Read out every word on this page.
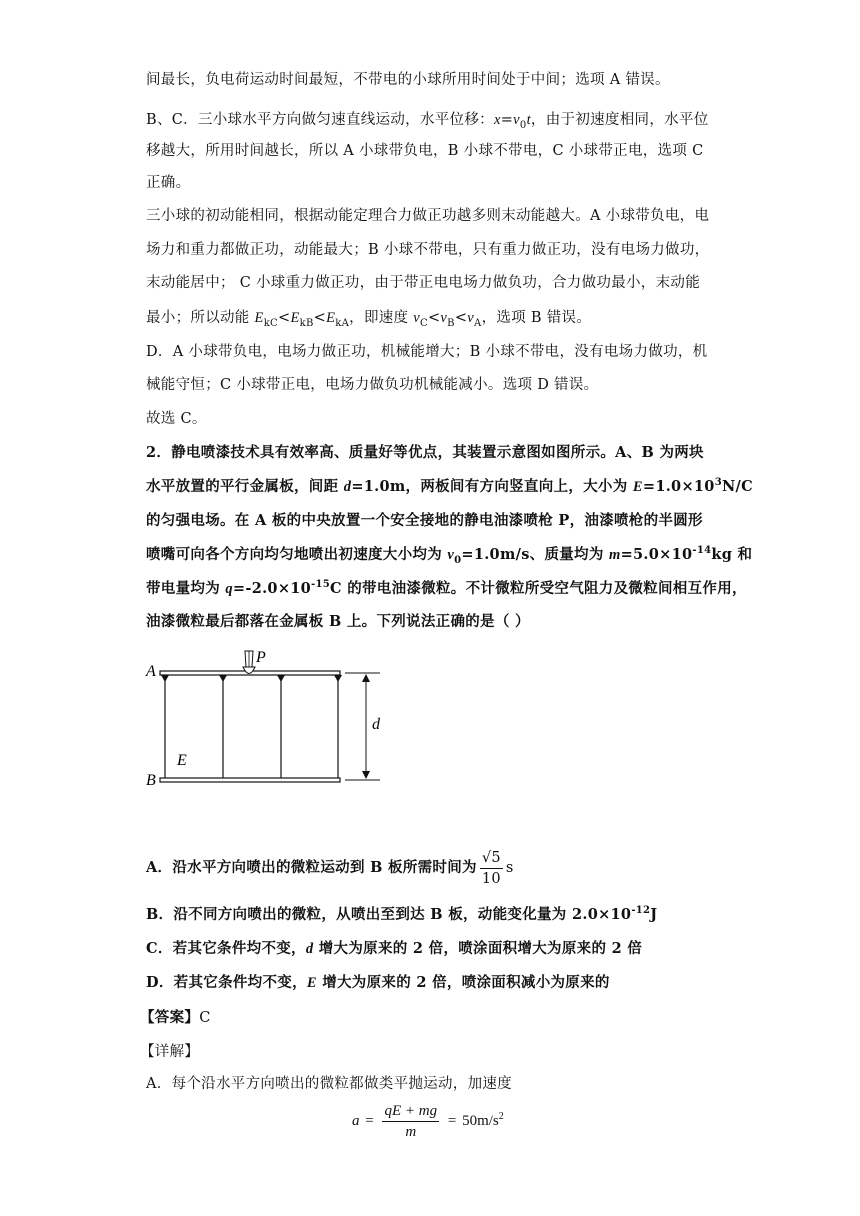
间最长，负电荷运动时间最短，不带电的小球所用时间处于中间；选项 A 错误。
B、C．三小球水平方向做匀速直线运动，水平位移：$x=v_0t$，由于初速度相同，水平位
移越大，所用时间越长，所以 A 小球带负电，B 小球不带电，C 小球带正电，选项 C
正确。
三小球的初动能相同，根据动能定理合力做正功越多则末动能越大。A 小球带负电，电
场力和重力都做正功，动能最大；B 小球不带电，只有重力做正功，没有电场力做功，
末动能居中； C 小球重力做正功，由于带正电电场力做负功，合力做功最小，末动能
最小；所以动能 $E_{kC}<E_{kB}<E_{kA}$，即速度 $v_C<v_B<v_A$，选项 B 错误。
D．A 小球带负电，电场力做正功，机械能增大；B 小球不带电，没有电场力做功，机
械能守恒；C 小球带正电，电场力做负功机械能减小。选项 D 错误。
故选 C。
2．静电喷漆技术具有效率高、质量好等优点，其装置示意图如图所示。A、B 为两块
水平放置的平行金属板，间距 d=1.0m，两板间有方向竖直向上，大小为 $E=1.0\times 10^3N/C$
的匀强电场。在 A 板的中央放置一个安全接地的静电油漆喷枪 P，油漆喷枪的半圆形
喷嘴可向各个方向均匀地喷出初速度大小均为 $v_0=1.0m/s$、质量均为 $m=5.0\times 10^{-14}kg$ 和
带电量均为 $q=-2.0\times 10^{-15}C$ 的带电油漆微粒。不计微粒所受空气阻力及微粒间相互作用，
油漆微粒最后都落在金属板 B 上。下列说法正确的是（ ）
A
P
d
E
B
A．沿水平方向喷出的微粒运动到 B 板所需时间为 $\frac{√5}{10}$ s
B．沿不同方向喷出的微粒，从喷出至到达 B 板，动能变化量为 $2.0\times 10^{-12}J$
C．若其它条件均不变，d 增大为原来的 2 倍，喷涂面积增大为原来的 2 倍
D．若其它条件均不变，E 增大为原来的 2 倍，喷涂面积减小为原来的
【答案】C
【详解】
A．每个沿水平方向喷出的微粒都做类平抛运动，加速度
$a = \frac{qE + mg}{m} = 50m/s^2$
